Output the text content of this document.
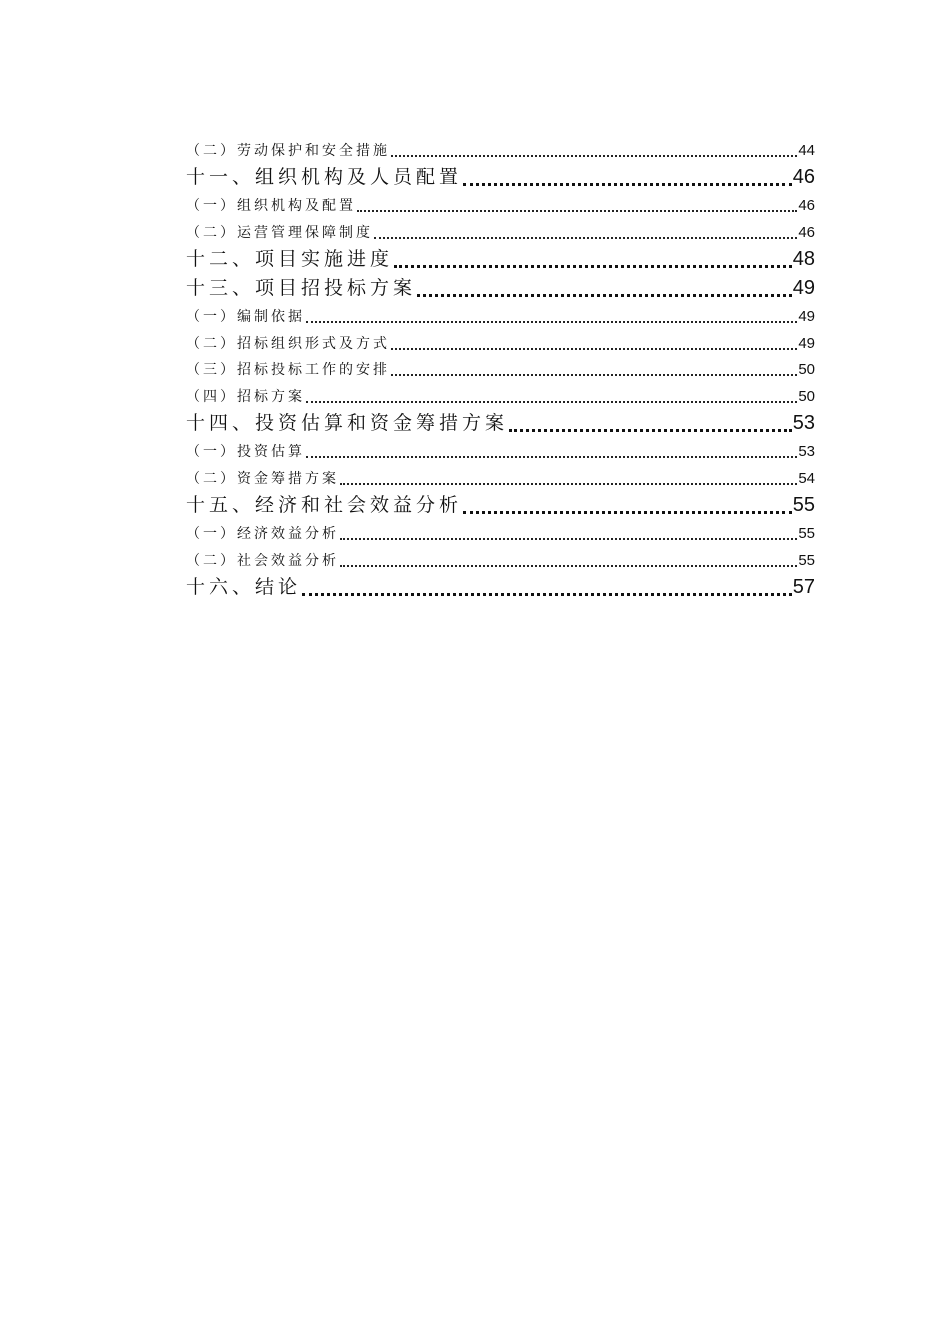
（二）劳动保护和安全措施	44
十一、组织机构及人员配置	46
（一）组织机构及配置	46
（二）运营管理保障制度	46
十二、项目实施进度	48
十三、项目招投标方案	49
（一）编制依据	49
（二）招标组织形式及方式	49
（三）招标投标工作的安排	50
（四）招标方案	50
十四、投资估算和资金筹措方案	53
（一）投资估算	53
（二）资金筹措方案	54
十五、经济和社会效益分析	55
（一）经济效益分析	55
（二）社会效益分析	55
十六、结论	57
